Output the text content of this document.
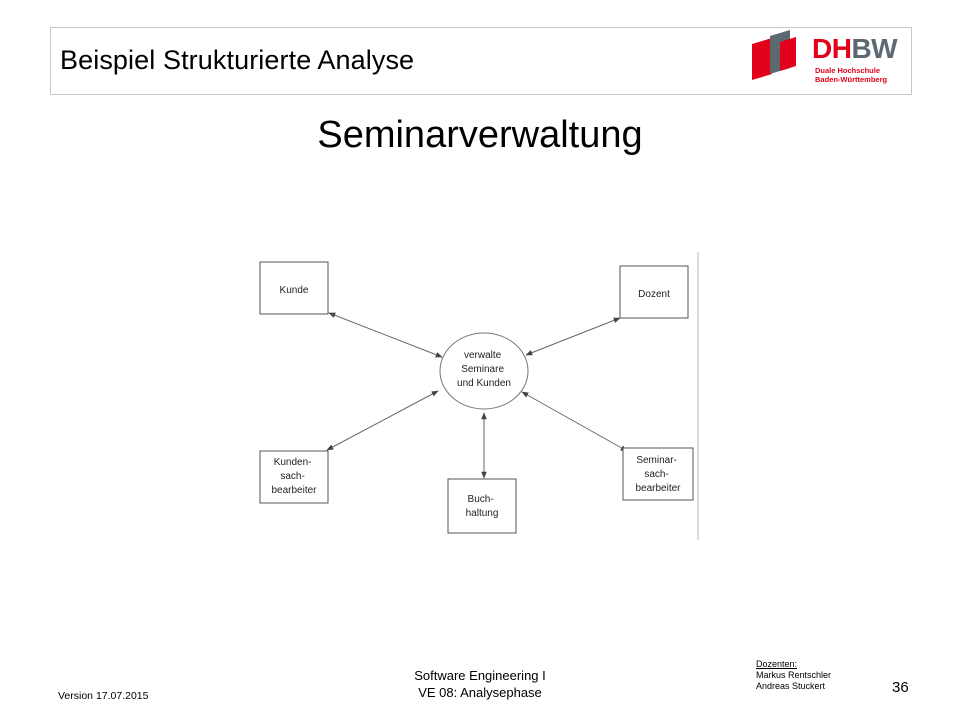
Beispiel Strukturierte Analyse	DHBW
Duale Hochschule
Baden-Württemberg
Seminarverwaltung
verwalte Seminare und Kunden
Kunde	Dozent
Kunden- sach- bearbeiter
Buch- haltung
Seminar- sach- bearbeiter
Version 17.07.2015
Software Engineering I
VE 08: Analysephase
Dozenten:
Markus Rentschler
Andreas Stuckert	36
